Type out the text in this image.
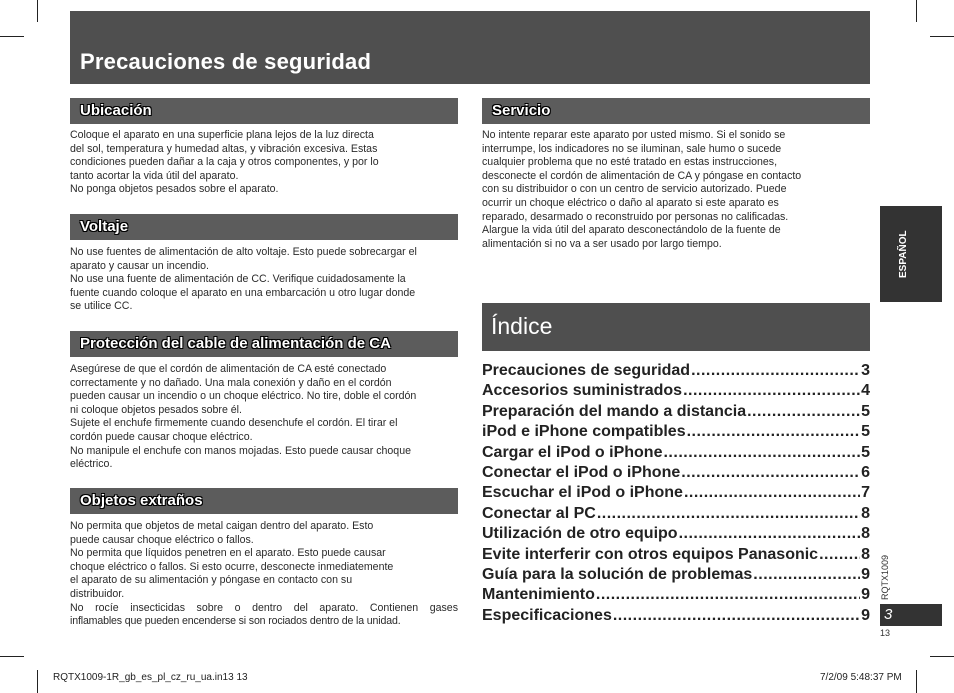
Precauciones de seguridad
Ubicación

Coloque el aparato en una superficie plana lejos de la luz directa

del sol, temperatura y humedad altas, y vibración excesiva. Estas

condiciones pueden dañar a la caja y otros componentes, y por lo

tanto acortar la vida útil del aparato.

No ponga objetos pesados sobre el aparato.

Voltaje

No use fuentes de alimentación de alto voltaje. Esto puede sobrecargar el

aparato y causar un incendio.

No use una fuente de alimentación de CC. Verifique cuidadosamente la

fuente cuando coloque el aparato en una embarcación u otro lugar donde

se utilice CC.

Protección del cable de alimentación de CA

Asegúrese de que el cordón de alimentación de CA esté conectado

correctamente y no dañado. Una mala conexión y daño en el cordón

pueden causar un incendio o un choque eléctrico. No tire, doble el cordón

ni coloque objetos pesados sobre él.

Sujete el enchufe firmemente cuando desenchufe el cordón. El tirar el

cordón puede causar choque eléctrico.

No manipule el enchufe con manos mojadas. Esto puede causar choque

eléctrico.

Objetos extraños

No permita que objetos de metal caigan dentro del aparato. Esto

puede causar choque eléctrico o fallos.

No permita que líquidos penetren en el aparato. Esto puede causar

choque eléctrico o fallos. Si esto ocurre, desconecte inmediatemente

el aparato de su alimentación y póngase en contacto con su

distribuidor.

No rocíe insecticidas sobre o dentro del aparato. Contienen gases

inflamables que pueden encenderse si son rociados dentro de la unidad.

Servicio

No intente reparar este aparato por usted mismo. Si el sonido se

interrumpe, los indicadores no se iluminan, sale humo o sucede

cualquier problema que no esté tratado en estas instrucciones,

desconecte el cordón de alimentación de CA y póngase en contacto

con su distribuidor o con un centro de servicio autorizado. Puede

ocurrir un choque eléctrico o daño al aparato si este aparato es

reparado, desarmado o reconstruido por personas no calificadas.

Alargue la vida útil del aparato desconectándolo de la fuente de

alimentación si no va a ser usado por largo tiempo.

Índice
Precauciones de seguridad .....	3
Accesorios suministrados .....	4
Preparación del mando a distancia .....	5
iPod e iPhone compatibles .....	5
Cargar el iPod o iPhone .....	5
Conectar el iPod o iPhone .....	6
Escuchar el iPod o iPhone .....	7
Conectar al PC .....	8
Utilización de otro equipo .....	8
Evite interferir con otros equipos Panasonic .....	8
Guía para la solución de problemas .....	9
Mantenimiento .....	9
Especificaciones .....	9
ESPAÑOL
RQTX1009
3
13
RQTX1009-1R_gb_es_pl_cz_ru_ua.in13 13	7/2/09 5:48:37 PM
